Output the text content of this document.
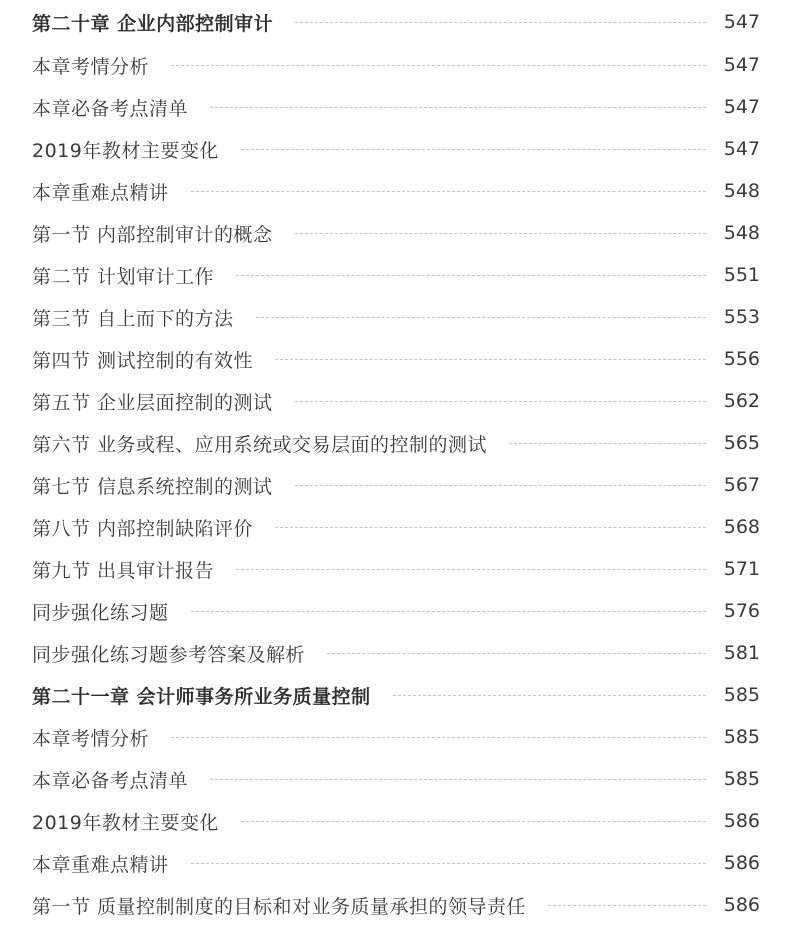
第二十章 企业内部控制审计	547
本章考情分析	547
本章必备考点清单	547
2019年教材主要变化	547
本章重难点精讲	548
第一节 内部控制审计的概念	548
第二节 计划审计工作	551
第三节 自上而下的方法	553
第四节 测试控制的有效性	556
第五节 企业层面控制的测试	562
第六节 业务或程、应用系统或交易层面的控制的测试	565
第七节 信息系统控制的测试	567
第八节 内部控制缺陷评价	568
第九节 出具审计报告	571
同步强化练习题	576
同步强化练习题参考答案及解析	581
第二十一章 会计师事务所业务质量控制	585
本章考情分析	585
本章必备考点清单	585
2019年教材主要变化	586
本章重难点精讲	586
第一节 质量控制制度的目标和对业务质量承担的领导责任	586
